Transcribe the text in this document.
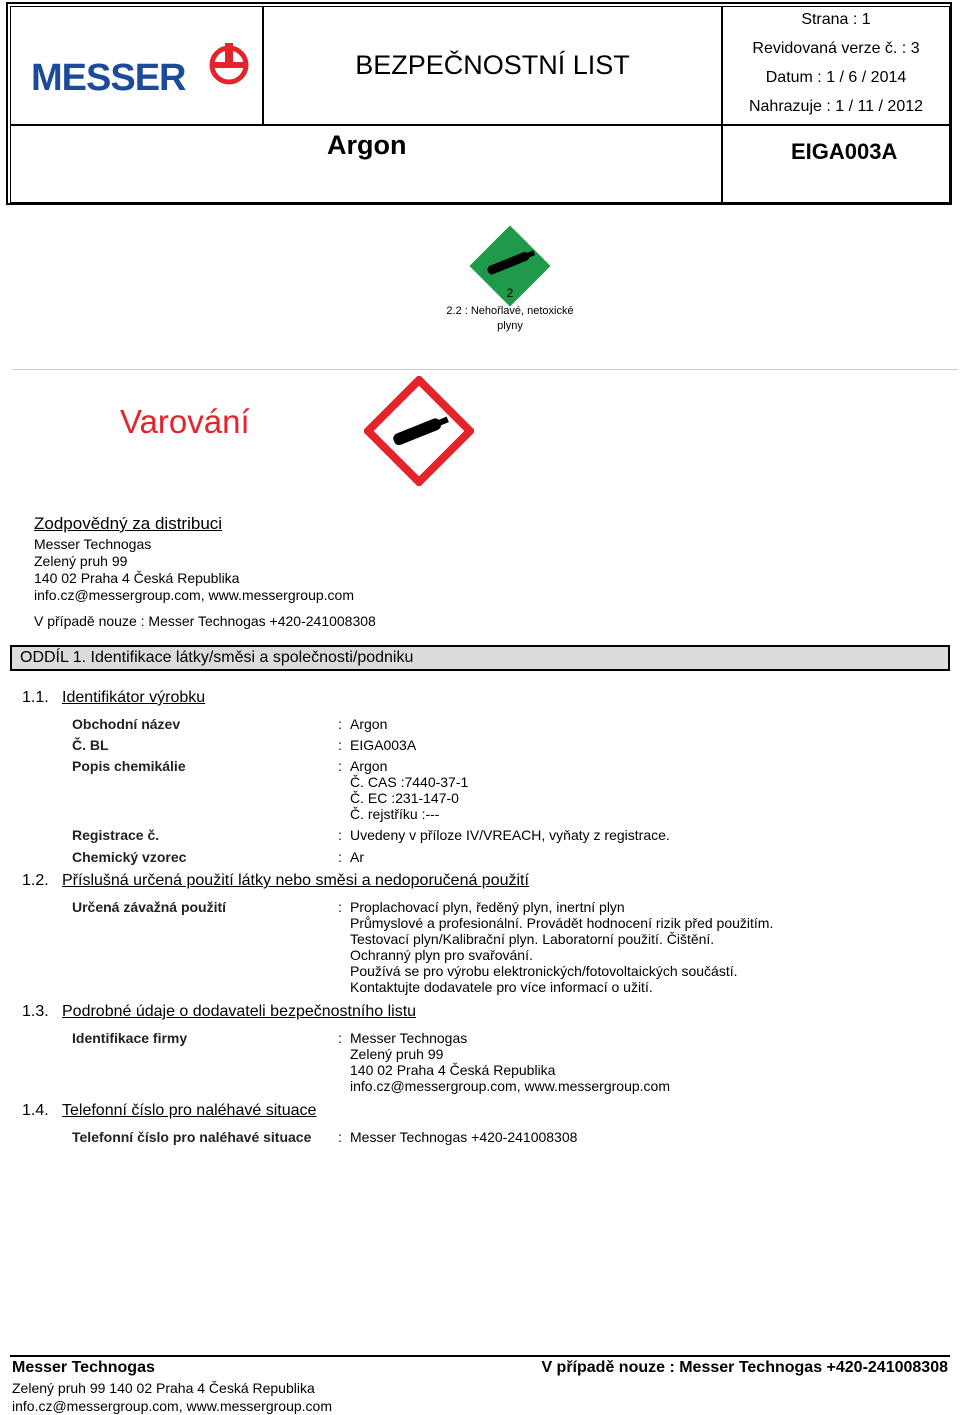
MESSER	BEZPEČNOSTNÍ LIST
Strana : 1
Revidovaná verze č. : 3
Datum : 1 / 6 / 2014
Nahrazuje : 1 / 11 / 2012
Argon	EIGA003A
2
2.2 : Nehořlavé, netoxické
plyny
Varování
Zodpovědný za distribuci
Messer Technogas
Zelený pruh 99
140 02 Praha 4 Česká Republika
info.cz@messergroup.com, www.messergroup.com
V případě nouze : Messer Technogas +420-241008308
ODDÍL 1. Identifikace látky/směsi a společnosti/podniku
1.1. Identifikátor výrobku
Obchodní název	: Argon
Č. BL	: EIGA003A
Popis chemikálie	: Argon
Č. CAS :7440-37-1
Č. EC :231-147-0
Č. rejstříku :---
Registrace č.	: Uvedeny v příloze IV/VREACH, vyňaty z registrace.
Chemický vzorec	: Ar
1.2. Příslušná určená použití látky nebo směsi a nedoporučená použití
Určená závažná použití	: Proplachovací plyn, ředěný plyn, inertní plyn
Průmyslové a profesionální. Provádět hodnocení rizik před použitím.
Testovací plyn/Kalibrační plyn. Laboratorní použití. Čištění.
Ochranný plyn pro svařování.
Používá se pro výrobu elektronických/fotovoltaických součástí.
Kontaktujte dodavatele pro více informací o užití.
1.3. Podrobné údaje o dodavateli bezpečnostního listu
Identifikace firmy	: Messer Technogas
Zelený pruh 99
140 02 Praha 4 Česká Republika
info.cz@messergroup.com, www.messergroup.com
1.4. Telefonní číslo pro naléhavé situace
Telefonní číslo pro naléhavé situace : Messer Technogas +420-241008308
Messer Technogas	V případě nouze : Messer Technogas +420-241008308
Zelený pruh 99 140 02 Praha 4 Česká Republika
info.cz@messergroup.com, www.messergroup.com
